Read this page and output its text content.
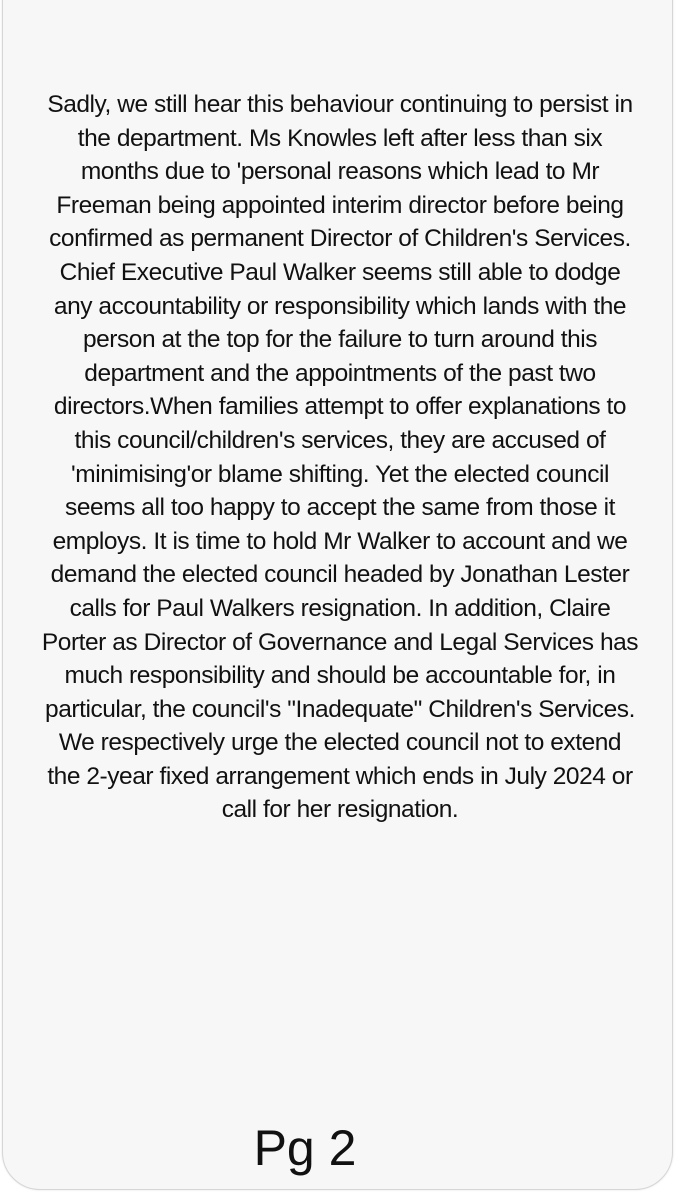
Sadly, we still hear this behaviour continuing to persist in the department. Ms Knowles left after less than six months due to 'personal reasons which lead to Mr Freeman being appointed interim director before being confirmed as permanent Director of Children's Services.
Chief Executive Paul Walker seems still able to dodge any accountability or responsibility which lands with the person at the top for the failure to turn around this department and the appointments of the past two directors.When families attempt to offer explanations to this council/children's services, they are accused of 'minimising'or blame shifting. Yet the elected council seems all too happy to accept the same from those it employs. It is time to hold Mr Walker to account and we demand the elected council headed by Jonathan Lester calls for Paul Walkers resignation. In addition, Claire Porter as Director of Governance and Legal Services has much responsibility and should be accountable for, in particular, the council's "Inadequate" Children's Services. We respectively urge the elected council not to extend the 2-year fixed arrangement which ends in July 2024 or call for her resignation.
Pg 2
